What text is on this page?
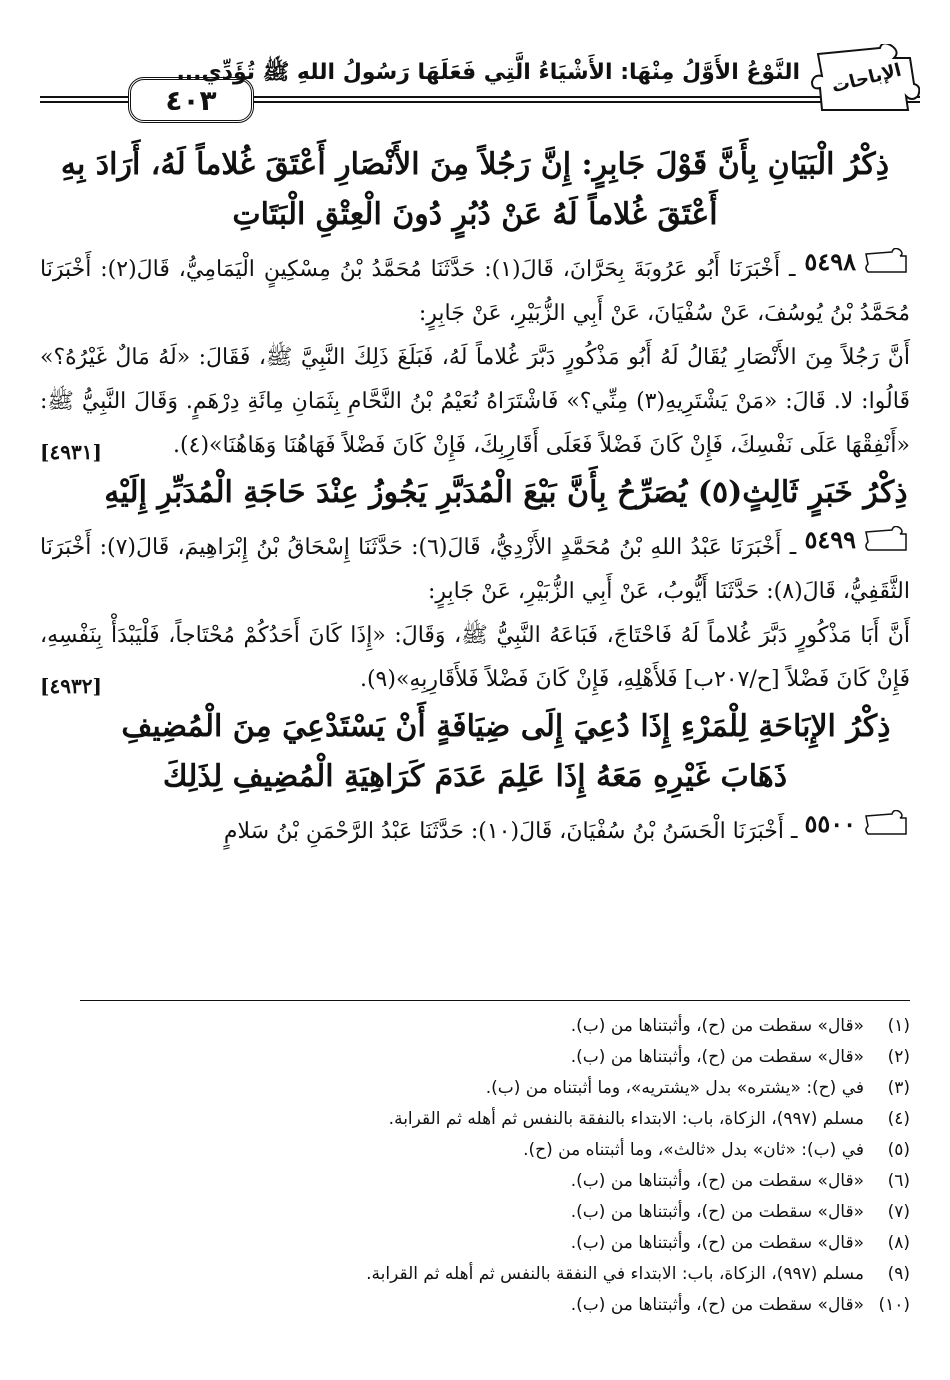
٤٠٣
النَّوْعُ الأَوَّلُ مِنْهَا: الأَشْيَاءُ الَّتِي فَعَلَهَا رَسُولُ اللهِ ﷺ تُؤَدِّي... الإباحات

ذِكْرُ الْبَيَانِ بِأَنَّ قَوْلَ جَابِرٍ: إِنَّ رَجُلاً مِنَ الأَنْصَارِ أَعْتَقَ غُلاماً لَهُ، أَرَادَ بِهِ أَعْتَقَ غُلاماً لَهُ عَنْ دُبُرٍ دُونَ الْعِتْقِ الْبَتَاتِ

٥٤٩٨
ـ أَخْبَرَنَا أَبُو عَرُوبَةَ بِحَرَّانَ، قَالَ(١): حَدَّثَنَا مُحَمَّدُ بْنُ مِسْكِينٍ الْيَمَامِيُّ، قَالَ(٢): أَخْبَرَنَا مُحَمَّدُ بْنُ يُوسُفَ، عَنْ سُفْيَانَ، عَنْ أَبِي الزُّبَيْرِ، عَنْ جَابِرٍ:

أَنَّ رَجُلاً مِنَ الأَنْصَارِ يُقَالُ لَهُ أَبُو مَذْكُورٍ دَبَّرَ غُلاماً لَهُ، فَبَلَغَ ذَلِكَ النَّبِيَّ ﷺ، فَقَالَ: «لَهُ مَالٌ غَيْرُهُ؟» قَالُوا: لا. قَالَ: «مَنْ يَشْتَرِيهِ(٣) مِنِّي؟» فَاشْتَرَاهُ نُعَيْمُ بْنُ النَّحَّامِ بِثَمَانِ مِائَةِ دِرْهَمٍ. وَقَالَ النَّبِيُّ ﷺ: «أَنْفِقْهَا عَلَى نَفْسِكَ، فَإِنْ كَانَ فَضْلاً فَعَلَى أَقَارِبِكَ، فَإِنْ كَانَ فَضْلاً فَهَاهُنَا وَهَاهُنَا»(٤).
[٤٩٣١]

ذِكْرُ خَبَرٍ ثَالِثٍ(٥) يُصَرِّحُ بِأَنَّ بَيْعَ الْمُدَبَّرِ يَجُوزُ عِنْدَ حَاجَةِ الْمُدَبِّرِ إِلَيْهِ

٥٤٩٩
ـ أَخْبَرَنَا عَبْدُ اللهِ بْنُ مُحَمَّدٍ الأَزْدِيُّ، قَالَ(٦): حَدَّثَنَا إِسْحَاقُ بْنُ إِبْرَاهِيمَ، قَالَ(٧): أَخْبَرَنَا الثَّقَفِيُّ، قَالَ(٨): حَدَّثَنَا أَيُّوبُ، عَنْ أَبِي الزُّبَيْرِ، عَنْ جَابِرٍ:

أَنَّ أَبَا مَذْكُورٍ دَبَّرَ غُلاماً لَهُ فَاحْتَاجَ، فَبَاعَهُ النَّبِيُّ ﷺ، وَقَالَ: «إِذَا كَانَ أَحَدُكُمْ مُحْتَاجاً، فَلْيَبْدَأْ بِنَفْسِهِ، فَإِنْ كَانَ فَضْلاً [ح/٢٠٧ب] فَلأَهْلِهِ، فَإِنْ كَانَ فَضْلاً فَلأَقَارِبِهِ»(٩).
[٤٩٣٢]

ذِكْرُ الإِبَاحَةِ لِلْمَرْءِ إِذَا دُعِيَ إِلَى ضِيَافَةٍ أَنْ يَسْتَدْعِيَ مِنَ الْمُضِيفِ ذَهَابَ غَيْرِهِ مَعَهُ إِذَا عَلِمَ عَدَمَ كَرَاهِيَةِ الْمُضِيفِ لِذَلِكَ

٥٥٠٠
ـ أَخْبَرَنَا الْحَسَنُ بْنُ سُفْيَانَ، قَالَ(١٠): حَدَّثَنَا عَبْدُ الرَّحْمَنِ بْنُ سَلامٍ

(١)«قال» سقطت من (ح)، وأثبتناها من (ب).

(٢)«قال» سقطت من (ح)، وأثبتناها من (ب).

(٣)في (ح): «يشتره» بدل «يشتريه»، وما أثبتناه من (ب).

(٤)مسلم (٩٩٧)، الزكاة، باب: الابتداء بالنفقة بالنفس ثم أهله ثم القرابة.

(٥)في (ب): «ثان» بدل «ثالث»، وما أثبتناه من (ح).

(٦)«قال» سقطت من (ح)، وأثبتناها من (ب).

(٧)«قال» سقطت من (ح)، وأثبتناها من (ب).

(٨)«قال» سقطت من (ح)، وأثبتناها من (ب).

(٩)مسلم (٩٩٧)، الزكاة، باب: الابتداء في النفقة بالنفس ثم أهله ثم القرابة.

(١٠)«قال» سقطت من (ح)، وأثبتناها من (ب).
